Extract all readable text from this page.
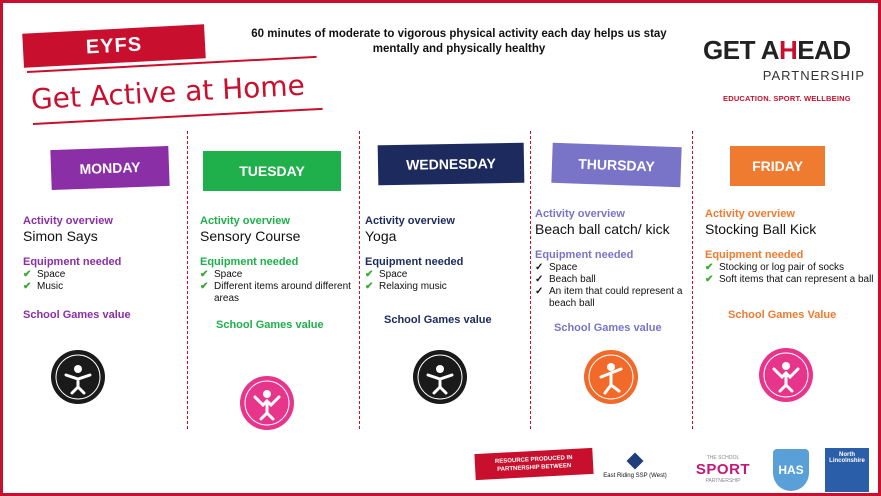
EYFS
Get Active at Home
60 minutes of moderate to vigorous physical activity each day helps us stay mentally and physically healthy	GET AHEAD
PARTNERSHIP
EDUCATION. SPORT. WELLBEING
MONDAY
Activity overview
Simon Says
Equipment needed
✔ Space
✔ Music
School Games value
TUESDAY
Activity overview
Sensory Course
Equipment needed
✔ Space
✔ Different items around different areas
School Games value
WEDNESDAY
Activity overview
Yoga
Equipment needed
✔ Space
✔ Relaxing music
School Games value
THURSDAY
Activity overview
Beach ball catch/ kick
Equipment needed
✓ Space
✓ Beach ball
✓ An item that could represent a beach ball
School Games value
FRIDAY
Activity overview
Stocking Ball Kick
Equipment needed
✔ Stocking or log pair of socks
✔ Soft items that can represent a ball
School Games Value
RESOURCE PRODUCED IN PARTNERSHIP BETWEEN
East Riding SSP (West)
THE SCHOOL
SPORT
PARTNERSHIP
HAS
North Lincolnshire
